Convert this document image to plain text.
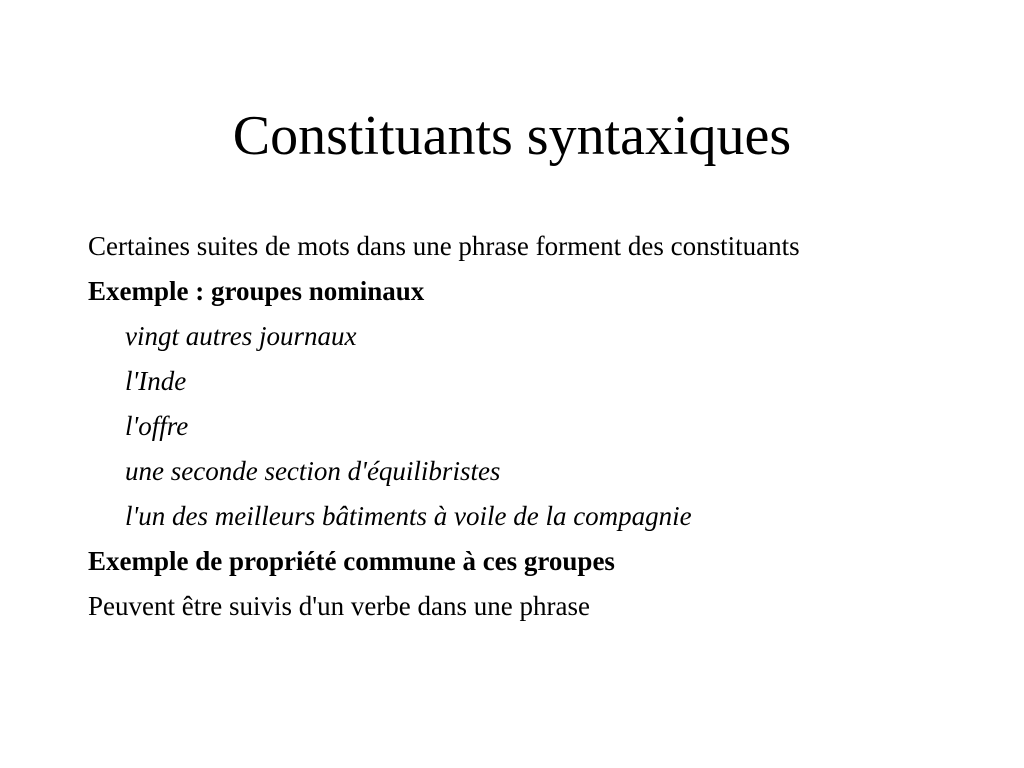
Constituants syntaxiques

Certaines suites de mots dans une phrase forment des constituants

Exemple : groupes nominaux

vingt autres journaux

l'Inde

l'offre

une seconde section d'équilibristes

l'un des meilleurs bâtiments à voile de la compagnie

Exemple de propriété commune à ces groupes

Peuvent être suivis d'un verbe dans une phrase
